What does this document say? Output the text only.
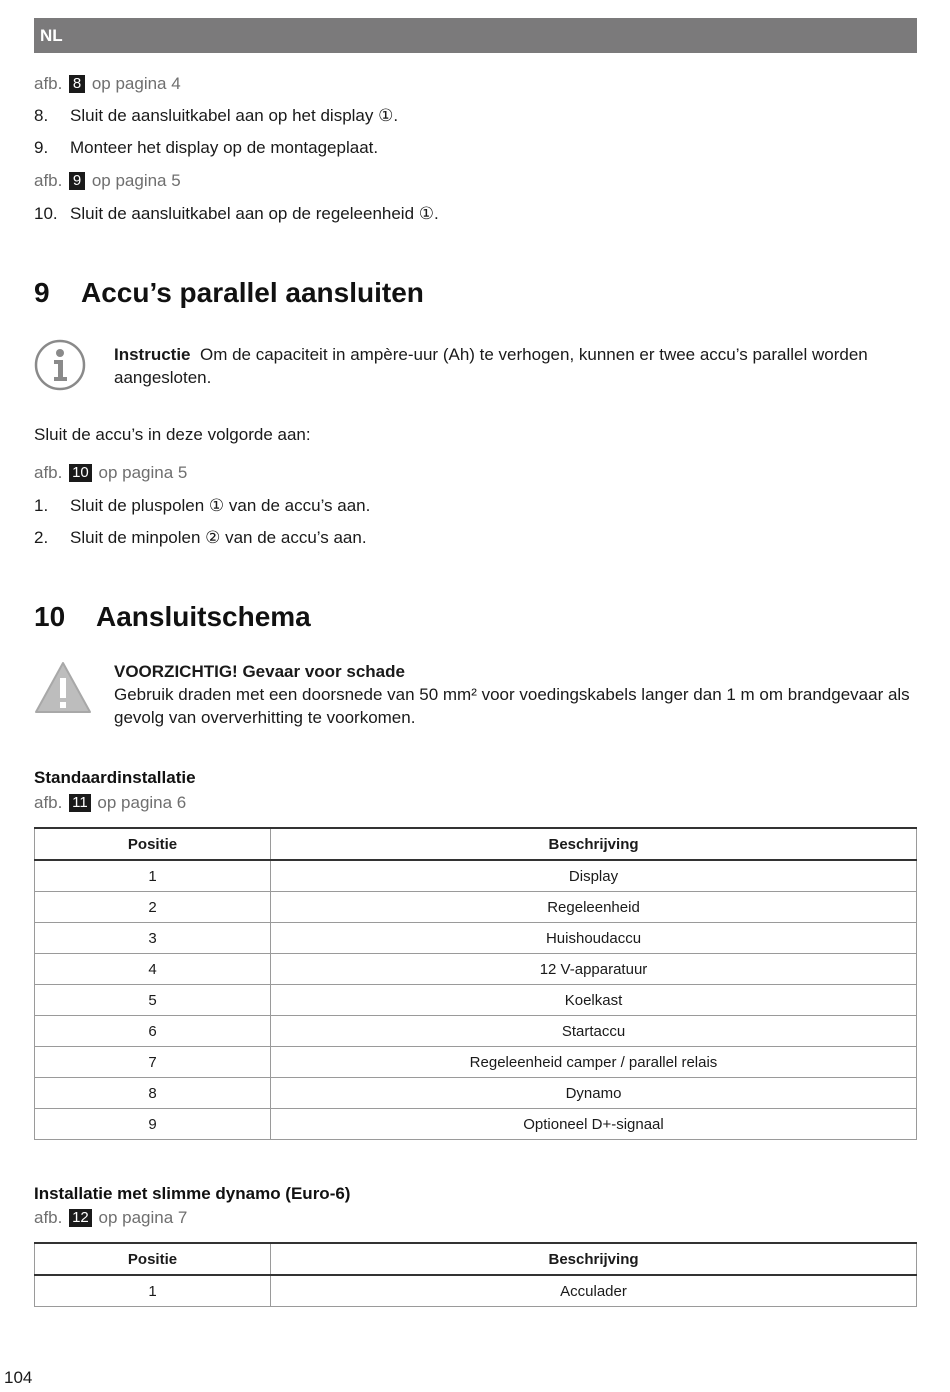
NL
afb. 8 op pagina 4
8. Sluit de aansluitkabel aan op het display ①.
9. Monteer het display op de montageplaat.
afb. 9 op pagina 5
10. Sluit de aansluitkabel aan op de regeleenheid ①.
9 Accu’s parallel aansluiten
Instructie Om de capaciteit in ampère-uur (Ah) te verhogen, kunnen er twee accu’s parallel worden aangesloten.
Sluit de accu’s in deze volgorde aan:
afb. 10 op pagina 5
1. Sluit de pluspolen ① van de accu’s aan.
2. Sluit de minpolen ② van de accu’s aan.
10 Aansluitschema
VOORZICHTIG! Gevaar voor schade
Gebruik draden met een doorsnede van 50 mm² voor voedingskabels langer dan 1 m om brandgevaar als gevolg van oververhitting te voorkomen.
Standaardinstallatie
afb. 11 op pagina 6
Positie	Beschrijving
1	Display
2	Regeleenheid
3	Huishoudaccu
4	12 V-apparatuur
5	Koelkast
6	Startaccu
7	Regeleenheid camper / parallel relais
8	Dynamo
9	Optioneel D+-signaal
Installatie met slimme dynamo (Euro-6)
afb. 12 op pagina 7
Positie	Beschrijving
1	Acculader
104
